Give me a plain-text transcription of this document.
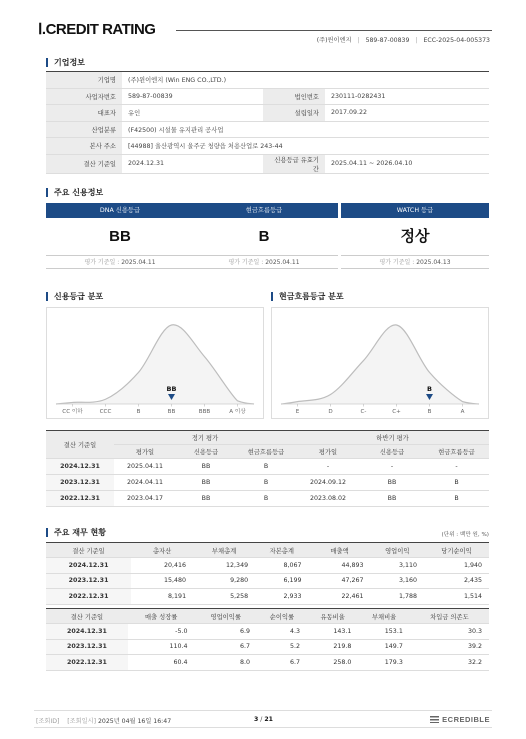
Ⅰ.CREDIT RATING
(주)윈이엔지 | 589-87-00839 | ECC-2025-04-005373
기업정보
기업명	(주)윈이엔지 (Win ENG CO.,LTD.)		
사업자번호	589-87-00839	법인번호	230111-0282431
대표자	유인	설립일자	2017.09.22
산업분류	(F42500) 시설물 유지관리 공사업		
본사 주소	[44988] 울산광역시 울주군 청량읍 처용산업로 243-44		
결산 기준일	2024.12.31	신용등급 유효기간	2025.04.11 ~ 2026.04.10
주요 신용정보
DNA 신용등급
BB
평가 기준일 : 2025.04.11
현금흐름등급
B
평가 기준일 : 2025.04.11
WATCH 등급
정상
평가 기준일 : 2025.04.13
신용등급 분포	현금흐름등급 분포
CC 이하	CCC	B	BB	BBB	A 이상
BB
E	D	C-	C+	B	A
B
결산 기준일	정기 평가			하반기 평가		
	평가일	신용등급	현금흐름등급	평가일	신용등급	현금흐름등급
2024.12.31	2025.04.11	BB	B	-	-	-
2023.12.31	2024.04.11	BB	B	2024.09.12	BB	B
2022.12.31	2023.04.17	BB	B	2023.08.02	BB	B
주요 재무 현황	(단위 : 백만 원, %)
결산 기준일	총자산	부채총계	자본총계	매출액	영업이익	당기순이익
2024.12.31	20,416	12,349	8,067	44,893	3,110	1,940
2023.12.31	15,480	9,280	6,199	47,267	3,160	2,435
2022.12.31	8,191	5,258	2,933	22,461	1,788	1,514
결산 기준일	매출 성장률	영업이익률	순이익률	유동비율	부채비율	차입금 의존도
2024.12.31	-5.0	6.9	4.3	143.1	153.1	30.3
2023.12.31	110.4	6.7	5.2	219.8	149.7	39.2
2022.12.31	60.4	8.0	6.7	258.0	179.3	32.2
[조회ID] [조회일시] 2025년 04월 16일 16:47	3 / 21	ECREDIBLE
